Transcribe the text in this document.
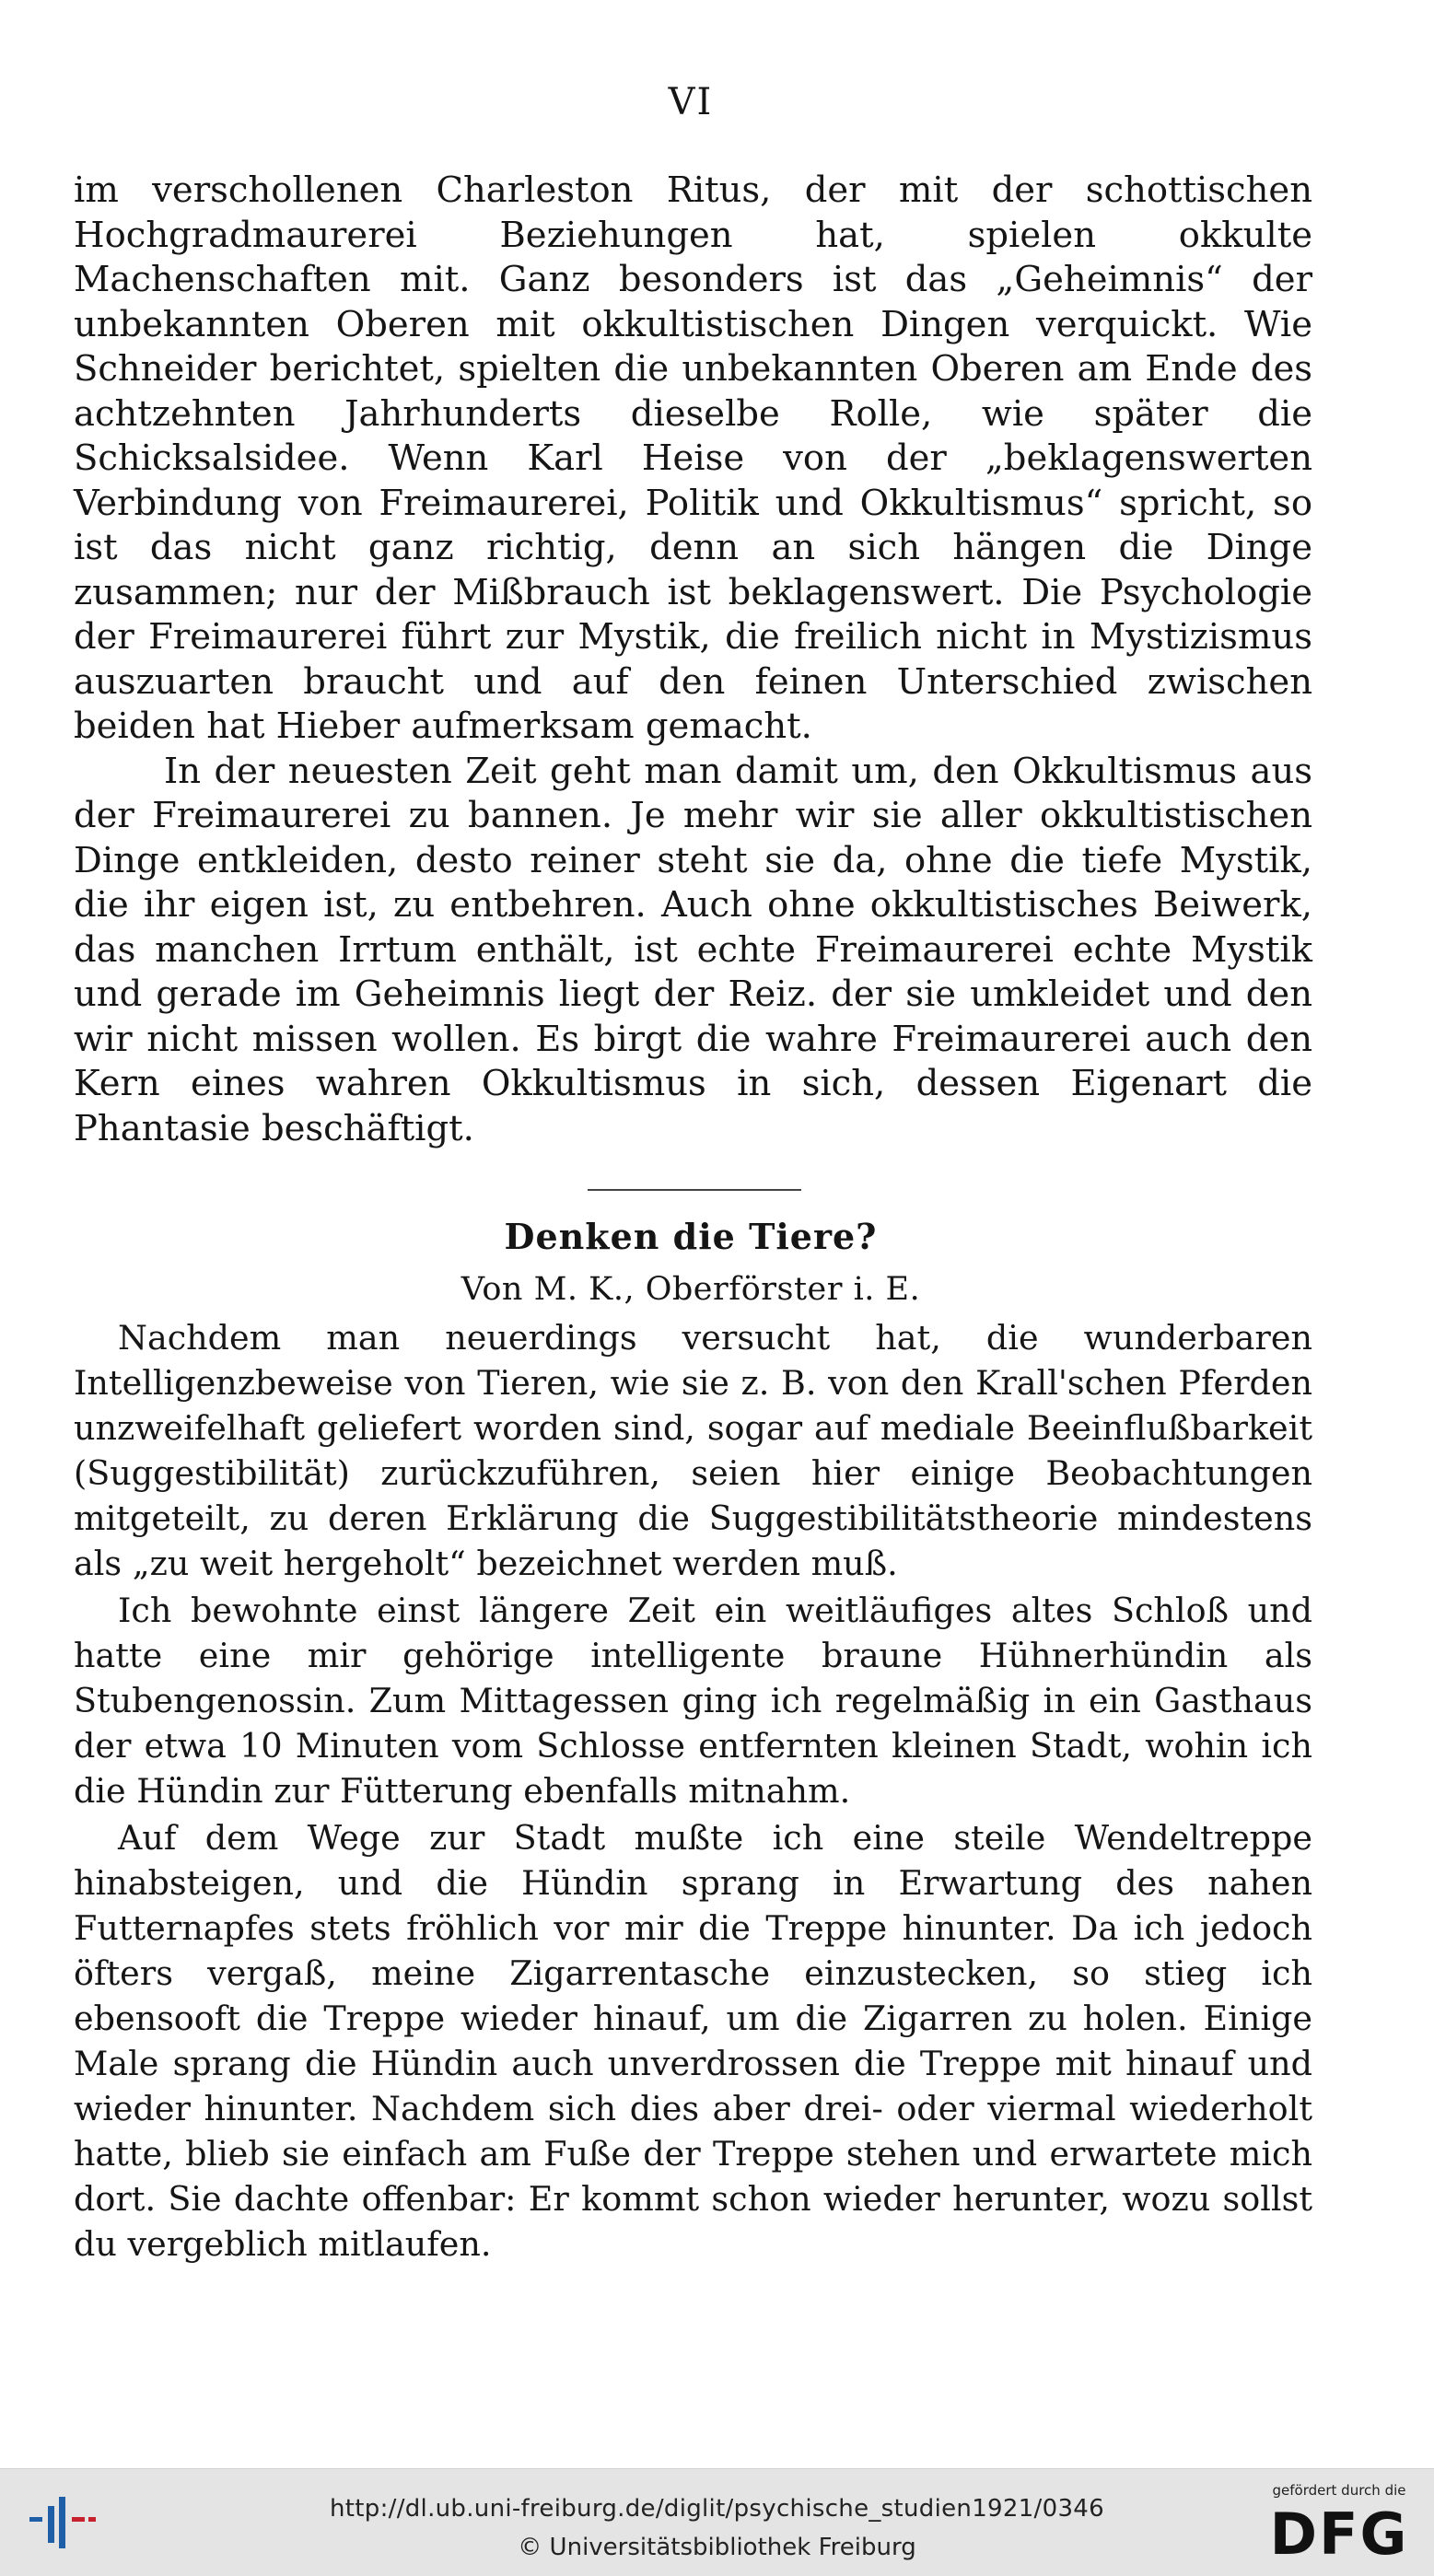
VI

im verschollenen Charleston Ritus, der mit der schottischen Hochgradmaurerei Beziehungen hat, spielen okkulte Machenschaften mit. Ganz besonders ist das „Geheimnis“ der unbekannten Oberen mit okkultistischen Dingen verquickt. Wie Schneider berichtet, spielten die unbekannten Oberen am Ende des achtzehnten Jahrhunderts dieselbe Rolle, wie später die Schicksalsidee. Wenn Karl Heise von der „beklagenswerten Verbindung von Freimaurerei, Politik und Okkultismus“ spricht, so ist das nicht ganz richtig, denn an sich hängen die Dinge zusammen; nur der Mißbrauch ist beklagenswert. Die Psychologie der Freimaurerei führt zur Mystik, die freilich nicht in Mystizismus auszuarten braucht und auf den feinen Unterschied zwischen beiden hat Hieber aufmerksam gemacht.

In der neuesten Zeit geht man damit um, den Okkultismus aus der Freimaurerei zu bannen. Je mehr wir sie aller okkultistischen Dinge entkleiden, desto reiner steht sie da, ohne die tiefe Mystik, die ihr eigen ist, zu entbehren. Auch ohne okkultistisches Beiwerk, das manchen Irrtum enthält, ist echte Freimaurerei echte Mystik und gerade im Geheimnis liegt der Reiz. der sie umkleidet und den wir nicht missen wollen. Es birgt die wahre Freimaurerei auch den Kern eines wahren Okkultismus in sich, dessen Eigenart die Phantasie beschäftigt.

Denken die Tiere?
Von M. K., Oberförster i. E.

Nachdem man neuerdings versucht hat, die wunderbaren Intelligenzbeweise von Tieren, wie sie z. B. von den Krall'schen Pferden unzweifelhaft geliefert worden sind, sogar auf mediale Beeinflußbarkeit (Suggestibilität) zurückzuführen, seien hier einige Beobachtungen mitgeteilt, zu deren Erklärung die Suggestibilitätstheorie mindestens als „zu weit hergeholt“ bezeichnet werden muß.

Ich bewohnte einst längere Zeit ein weitläufiges altes Schloß und hatte eine mir gehörige intelligente braune Hühnerhündin als Stubengenossin. Zum Mittagessen ging ich regelmäßig in ein Gasthaus der etwa 10 Minuten vom Schlosse entfernten kleinen Stadt, wohin ich die Hündin zur Fütterung ebenfalls mitnahm.

Auf dem Wege zur Stadt mußte ich eine steile Wendeltreppe hinabsteigen, und die Hündin sprang in Erwartung des nahen Futternapfes stets fröhlich vor mir die Treppe hinunter. Da ich jedoch öfters vergaß, meine Zigarrentasche einzustecken, so stieg ich ebensooft die Treppe wieder hinauf, um die Zigarren zu holen. Einige Male sprang die Hündin auch unverdrossen die Treppe mit hinauf und wieder hinunter. Nachdem sich dies aber drei- oder viermal wiederholt hatte, blieb sie einfach am Fuße der Treppe stehen und erwartete mich dort. Sie dachte offenbar: Er kommt schon wieder herunter, wozu sollst du vergeblich mitlaufen.

http://dl.ub.uni-freiburg.de/diglit/psychische_studien1921/0346
© Universitätsbibliothek Freiburg
gefördert durch die
DFG
